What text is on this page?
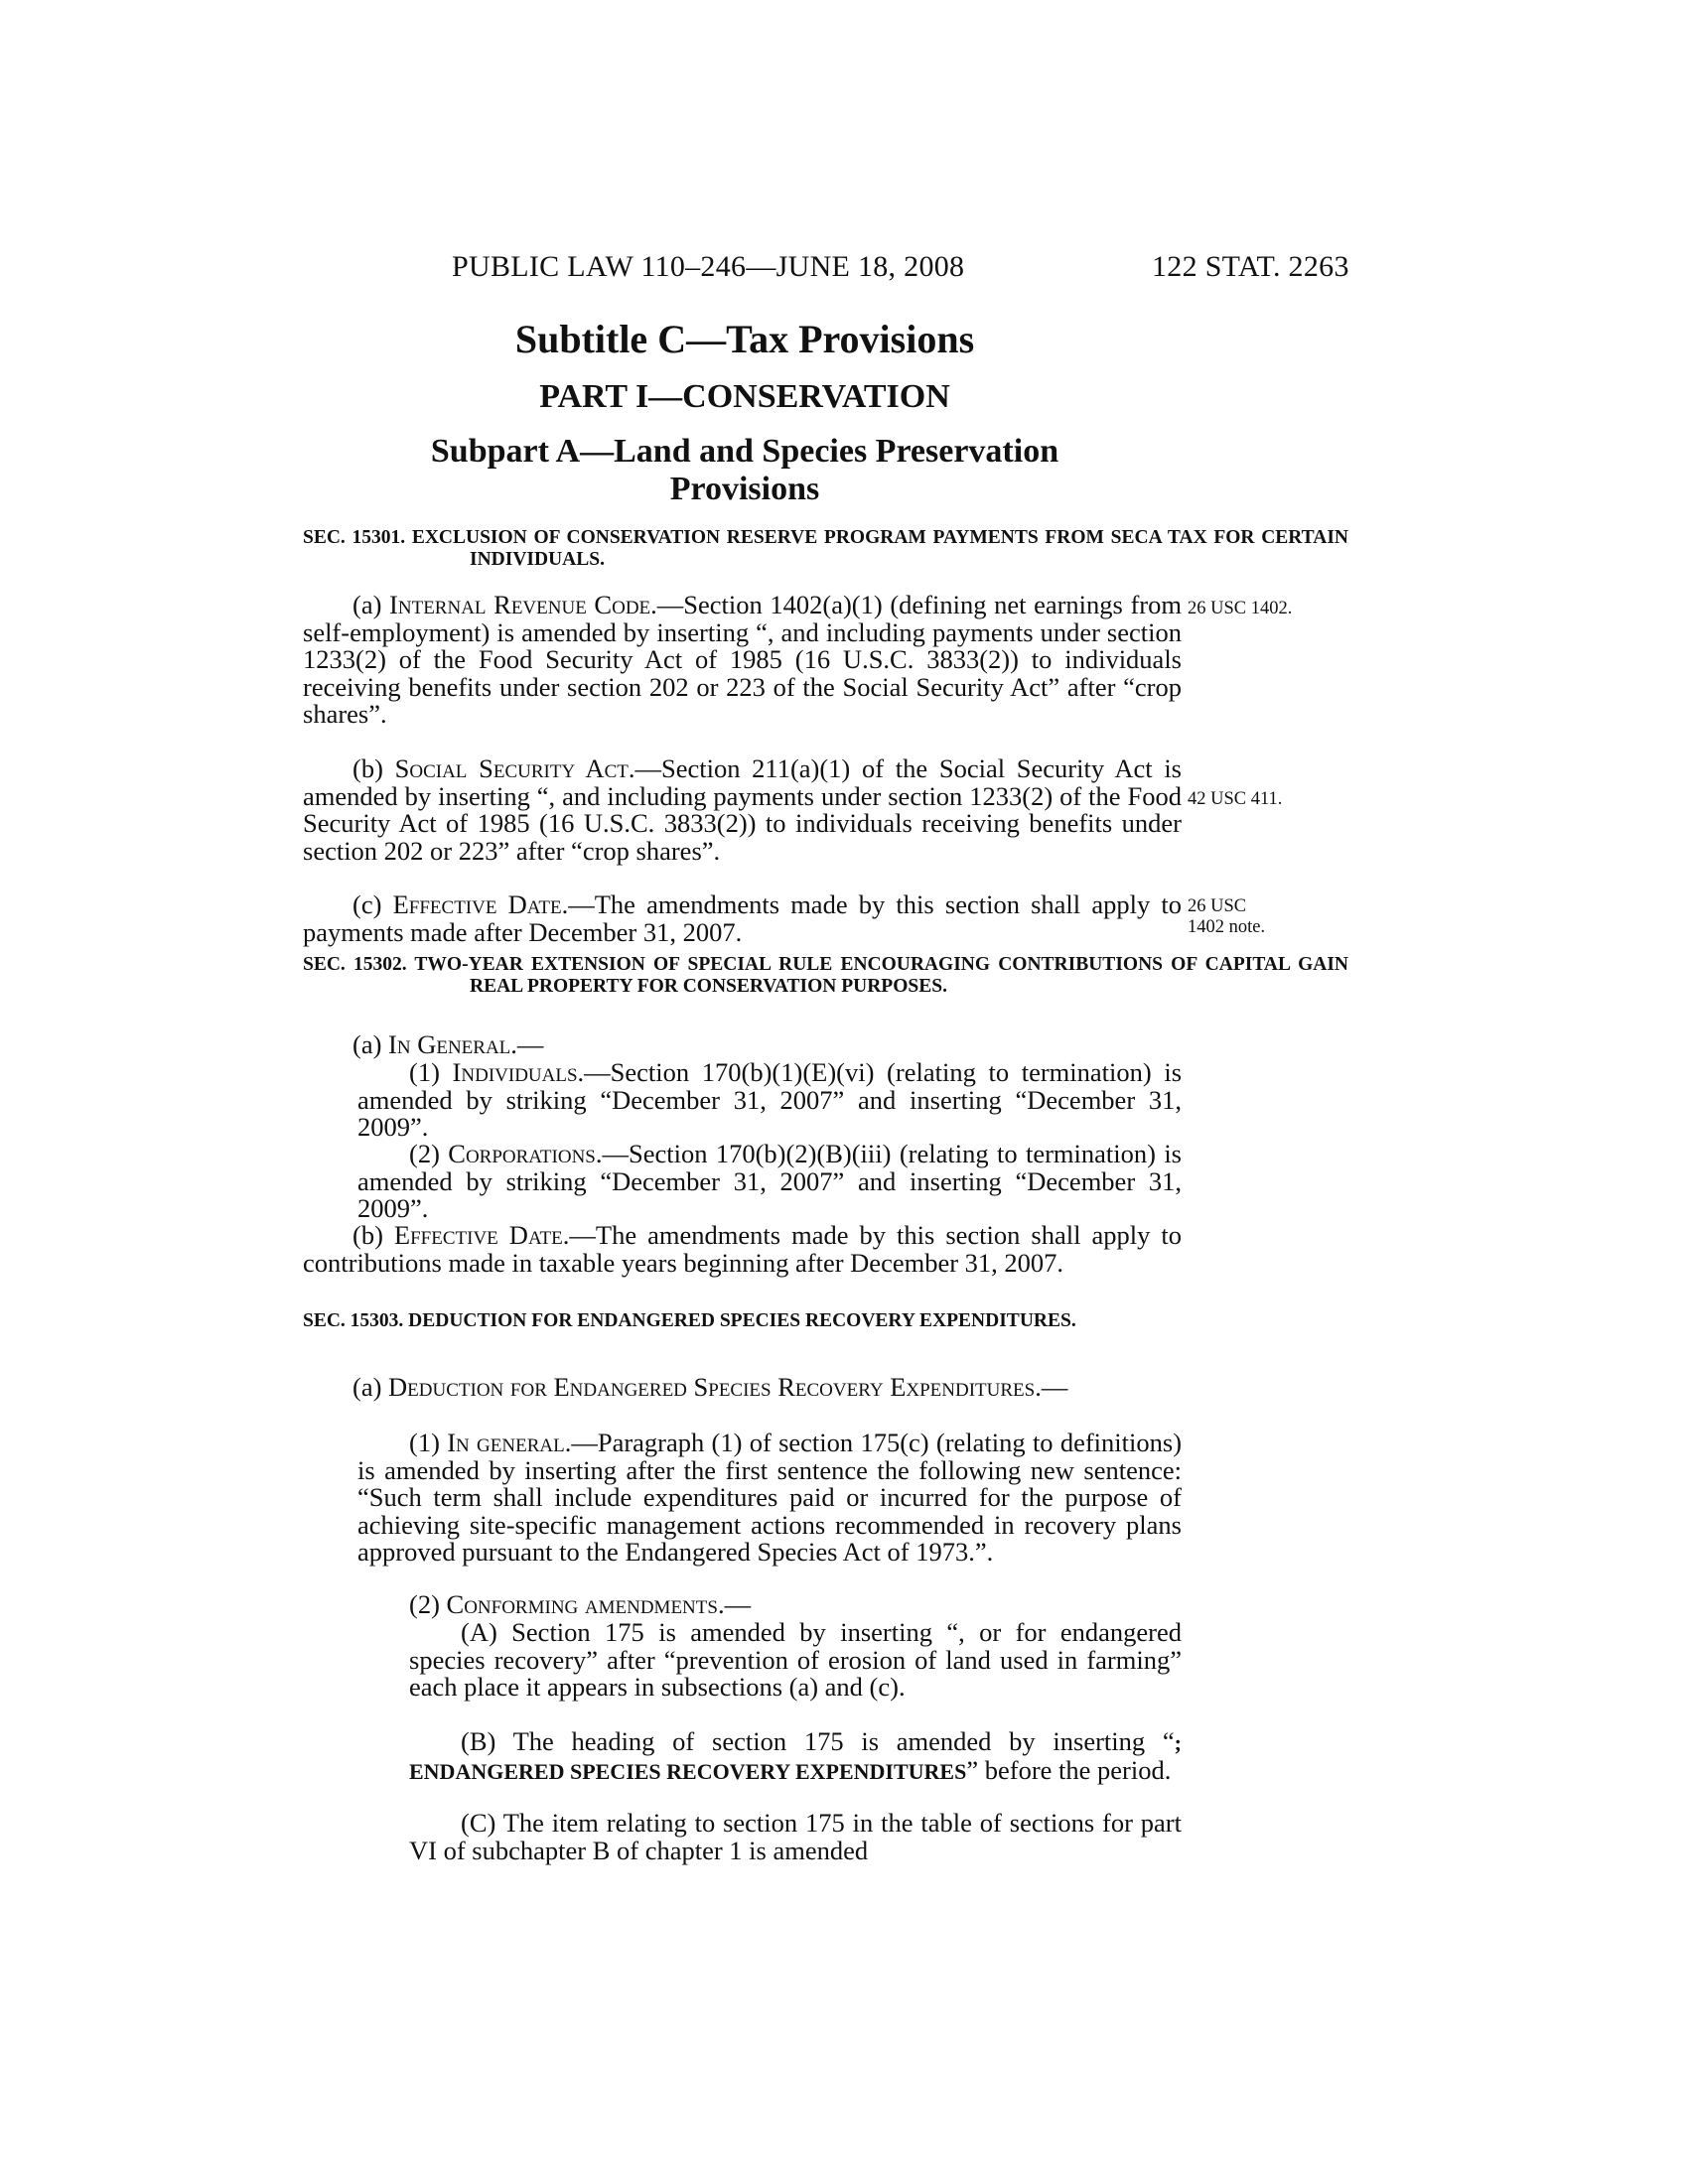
PUBLIC LAW 110–246—JUNE 18, 2008	122 STAT. 2263
Subtitle C—Tax Provisions
PART I—CONSERVATION
Subpart A—Land and Species Preservation Provisions
SEC. 15301. EXCLUSION OF CONSERVATION RESERVE PROGRAM PAYMENTS FROM SECA TAX FOR CERTAIN INDIVIDUALS.
(a) Internal Revenue Code.—Section 1402(a)(1) (defining net earnings from self-employment) is amended by inserting “, and including payments under section 1233(2) of the Food Security Act of 1985 (16 U.S.C. 3833(2)) to individuals receiving benefits under section 202 or 223 of the Social Security Act” after “crop shares”.
(b) Social Security Act.—Section 211(a)(1) of the Social Security Act is amended by inserting “, and including payments under section 1233(2) of the Food Security Act of 1985 (16 U.S.C. 3833(2)) to individuals receiving benefits under section 202 or 223” after “crop shares”.
(c) Effective Date.—The amendments made by this section shall apply to payments made after December 31, 2007.
SEC. 15302. TWO-YEAR EXTENSION OF SPECIAL RULE ENCOURAGING CONTRIBUTIONS OF CAPITAL GAIN REAL PROPERTY FOR CONSERVATION PURPOSES.
(a) In General.—
(1) Individuals.—Section 170(b)(1)(E)(vi) (relating to termination) is amended by striking “December 31, 2007” and inserting “December 31, 2009”.
(2) Corporations.—Section 170(b)(2)(B)(iii) (relating to termination) is amended by striking “December 31, 2007” and inserting “December 31, 2009”.
(b) Effective Date.—The amendments made by this section shall apply to contributions made in taxable years beginning after December 31, 2007.
SEC. 15303. DEDUCTION FOR ENDANGERED SPECIES RECOVERY EXPENDITURES.
(a) Deduction for Endangered Species Recovery Expenditures.—
(1) In general.—Paragraph (1) of section 175(c) (relating to definitions) is amended by inserting after the first sentence the following new sentence: “Such term shall include expenditures paid or incurred for the purpose of achieving site-specific management actions recommended in recovery plans approved pursuant to the Endangered Species Act of 1973.”.
(2) Conforming amendments.—
(A) Section 175 is amended by inserting “, or for endangered species recovery” after “prevention of erosion of land used in farming” each place it appears in subsections (a) and (c).
(B) The heading of section 175 is amended by inserting “; ENDANGERED SPECIES RECOVERY EXPENDITURES” before the period.
(C) The item relating to section 175 in the table of sections for part VI of subchapter B of chapter 1 is amended
26 USC 1402.
42 USC 411.
26 USC 1402 note.
